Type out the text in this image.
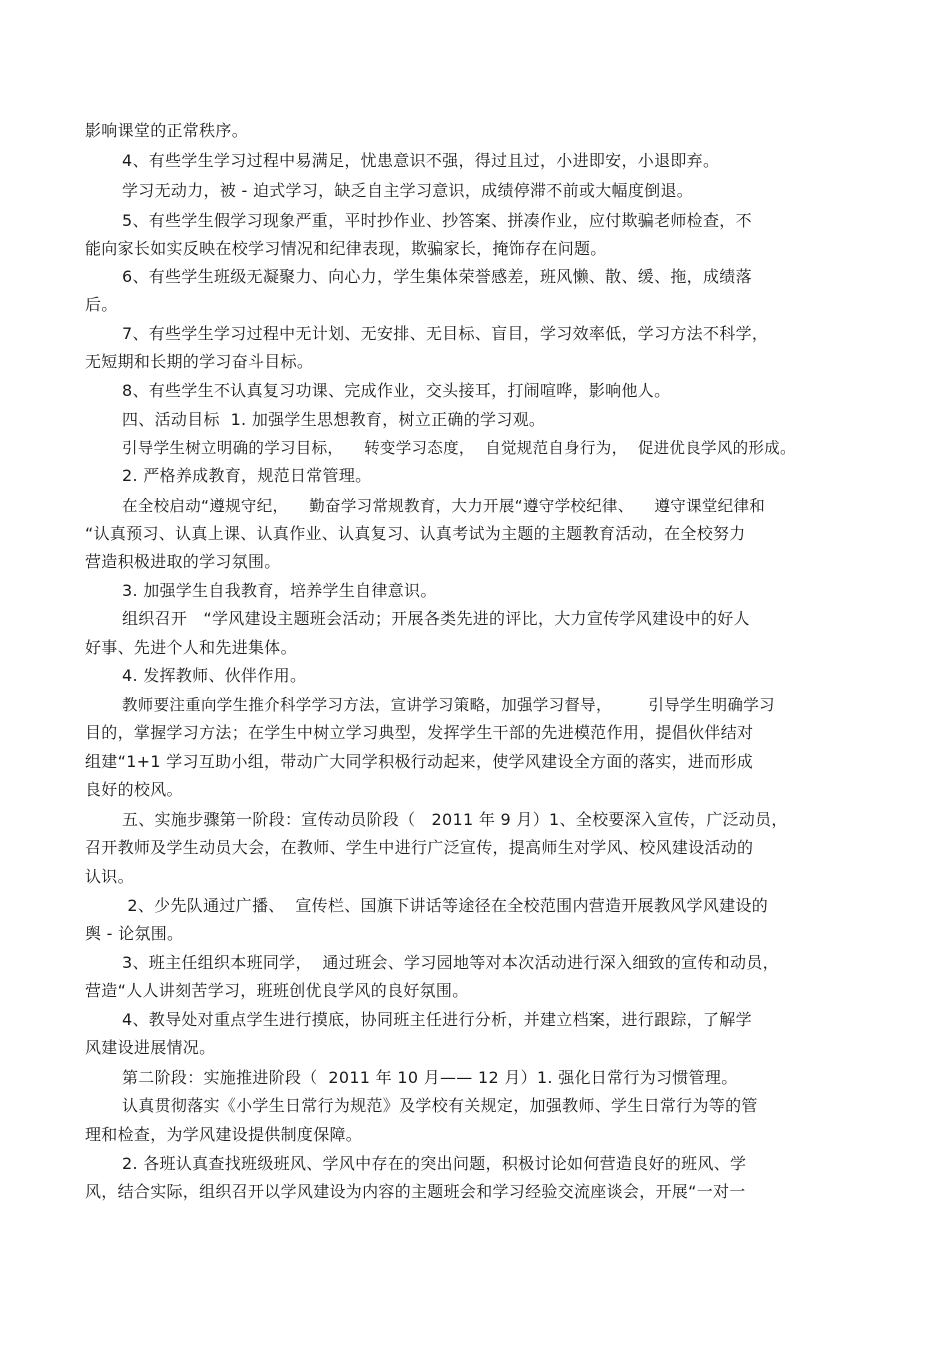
影响课堂的正常秩序。
4、有些学生学习过程中易满足，忧患意识不强，得过且过，小进即安，小退即弃。
学习无动力，被 - 迫式学习，缺乏自主学习意识，成绩停滞不前或大幅度倒退。
5、有些学生假学习现象严重，平时抄作业、抄答案、拼凑作业，应付欺骗老师检查，不
能向家长如实反映在校学习情况和纪律表现，欺骗家长，掩饰存在问题。
6、有些学生班级无凝聚力、向心力，学生集体荣誉感差，班风懒、散、缓、拖，成绩落
后。
7、有些学生学习过程中无计划、无安排、无目标、盲目，学习效率低，学习方法不科学，
无短期和长期的学习奋斗目标。
8、有些学生不认真复习功课、完成作业，交头接耳，打闹喧哗，影响他人。
四、活动目标  1. 加强学生思想教育，树立正确的学习观。
引导学生树立明确的学习目标，    转变学习态度，  自觉规范自身行为，  促进优良学风的形成。
2. 严格养成教育，规范日常管理。
在全校启动“遵规守纪，    勤奋学习常规教育，大力开展“遵守学校纪律、    遵守课堂纪律和
“认真预习、认真上课、认真作业、认真复习、认真考试为主题的主题教育活动，在全校努力
营造积极进取的学习氛围。
3. 加强学生自我教育，培养学生自律意识。
组织召开   “学风建设主题班会活动；开展各类先进的评比，大力宣传学风建设中的好人
好事、先进个人和先进集体。
4. 发挥教师、伙伴作用。
教师要注重向学生推介科学学习方法，宣讲学习策略，加强学习督导，       引导学生明确学习
目的，掌握学习方法；在学生中树立学习典型，发挥学生干部的先进模范作用，提倡伙伴结对
组建“1+1 学习互助小组，带动广大同学积极行动起来，使学风建设全方面的落实，进而形成
良好的校风。
五、实施步骤第一阶段：宣传动员阶段（   2011 年 9 月）1、全校要深入宣传，广泛动员，
召开教师及学生动员大会，在教师、学生中进行广泛宣传，提高师生对学风、校风建设活动的
认识。
2、少先队通过广播、  宣传栏、国旗下讲话等途径在全校范围内营造开展教风学风建设的
舆 - 论氛围。
3、班主任组织本班同学，  通过班会、学习园地等对本次活动进行深入细致的宣传和动员，
营造“人人讲刻苦学习，班班创优良学风的良好氛围。
4、教导处对重点学生进行摸底，协同班主任进行分析，并建立档案，进行跟踪，了解学
风建设进展情况。
第二阶段：实施推进阶段（  2011 年 10 月—— 12 月）1. 强化日常行为习惯管理。
认真贯彻落实《小学生日常行为规范》及学校有关规定，加强教师、学生日常行为等的管
理和检查，为学风建设提供制度保障。
2. 各班认真查找班级班风、学风中存在的突出问题，积极讨论如何营造良好的班风、学
风，结合实际，组织召开以学风建设为内容的主题班会和学习经验交流座谈会，开展“一对一
